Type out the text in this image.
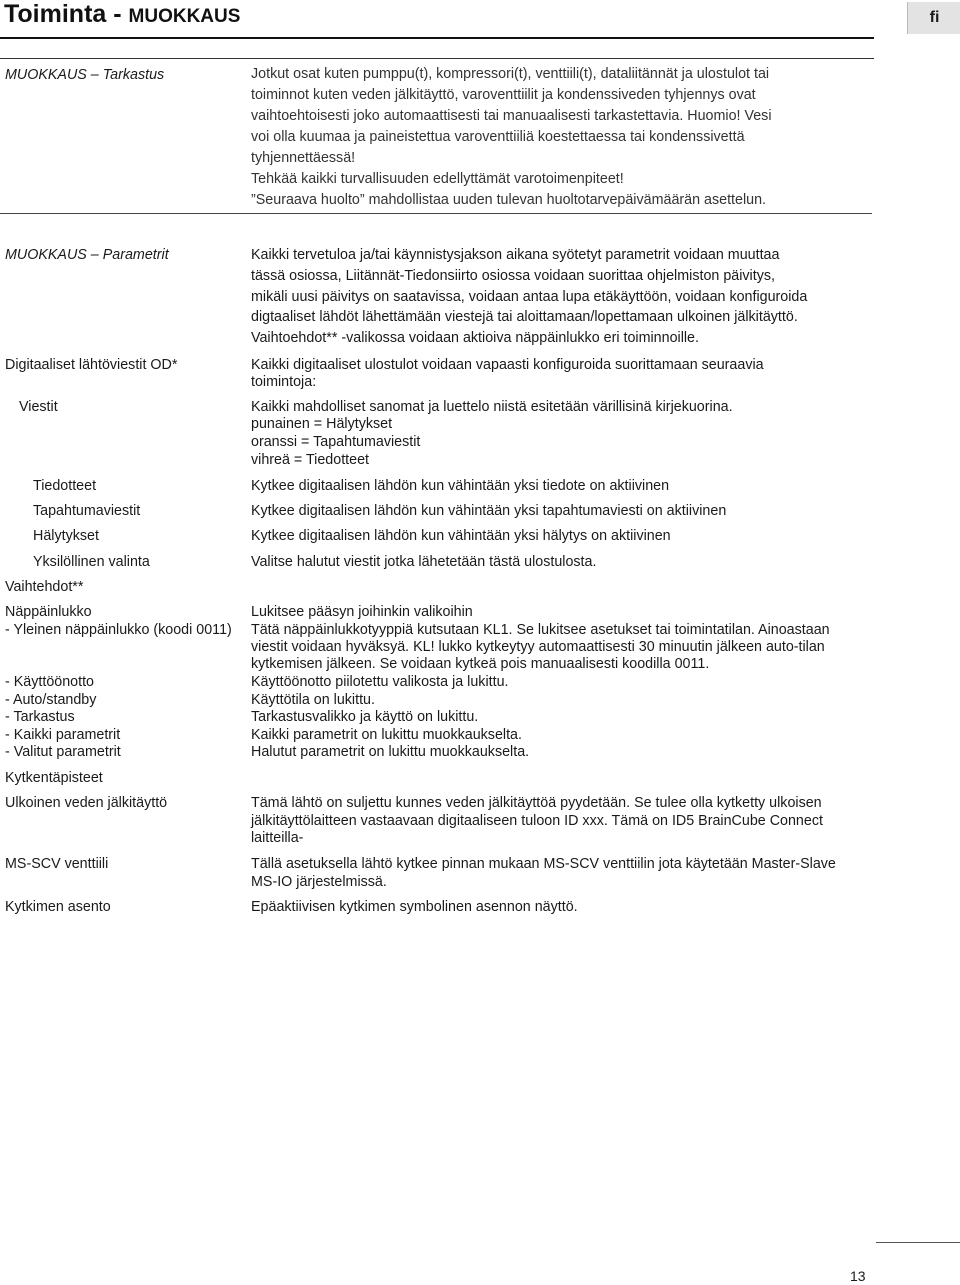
Toiminta - MUOKKAUS	fi
MUOKKAUS – Tarkastus	Jotkut osat kuten pumppu(t), kompressori(t), venttiili(t), dataliitännät ja ulostulot tai
toiminnot kuten veden jälkitäyttö, varoventtiilit ja kondenssiveden tyhjennys ovat
vaihtoehtoisesti joko automaattisesti tai manuaalisesti tarkastettavia. Huomio! Vesi
voi olla kuumaa ja paineistettua varoventtiiliä koestettaessa tai kondenssivettä
tyhjennettäessä!
Tehkää kaikki turvallisuuden edellyttämät varotoimenpiteet!
”Seuraava huolto” mahdollistaa uuden tulevan huoltotarvepäivämäärän asettelun.
MUOKKAUS – Parametrit	Kaikki tervetuloa ja/tai käynnistysjakson aikana syötetyt parametrit voidaan muuttaa
tässä osiossa, Liitännät-Tiedonsiirto osiossa voidaan suorittaa ohjelmiston päivitys,
mikäli uusi päivitys on saatavissa, voidaan antaa lupa etäkäyttöön, voidaan konfiguroida
digtaaliset lähdöt lähettämään viestejä tai aloittamaan/lopettamaan ulkoinen jälkitäyttö.
Vaihtoehdot** -valikossa voidaan aktioiva näppäinlukko eri toiminnoille.
Digitaaliset lähtöviestit OD*	Kaikki digitaaliset ulostulot voidaan vapaasti konfiguroida suorittamaan seuraavia
toimintoja:
Viestit	Kaikki mahdolliset sanomat ja luettelo niistä esitetään värillisinä kirjekuorina.
punainen = Hälytykset
oranssi = Tapahtumaviestit
vihreä = Tiedotteet
Tiedotteet	Kytkee digitaalisen lähdön kun vähintään yksi tiedote on aktiivinen
Tapahtumaviestit	Kytkee digitaalisen lähdön kun vähintään yksi tapahtumaviesti on aktiivinen
Hälytykset	Kytkee digitaalisen lähdön kun vähintään yksi hälytys on aktiivinen
Yksilöllinen valinta	Valitse halutut viestit jotka lähetetään tästä ulostulosta.
Vaihtehdot**
Näppäinlukko	Lukitsee pääsyn joihinkin valikoihin
- Yleinen näppäinlukko (koodi 0011) Tätä näppäinlukkotyyppiä kutsutaan KL1. Se lukitsee asetukset tai toimintatilan. Ainoastaan
viestit voidaan hyväksyä. KL! lukko kytkeytyy automaattisesti 30 minuutin jälkeen auto-tilan
kytkemisen jälkeen. Se voidaan kytkeä pois manuaalisesti koodilla 0011.
- Käyttöönotto	Käyttöönotto piilotettu valikosta ja lukittu.
- Auto/standby	Käyttötila on lukittu.
- Tarkastus	Tarkastusvalikko ja käyttö on lukittu.
- Kaikki parametrit	Kaikki parametrit on lukittu muokkaukselta.
- Valitut parametrit	Halutut parametrit on lukittu muokkaukselta.
Kytkentäpisteet
Ulkoinen veden jälkitäyttö	Tämä lähtö on suljettu kunnes veden jälkitäyttöä pyydetään. Se tulee olla kytketty ulkoisen
jälkitäyttölaitteen vastaavaan digitaaliseen tuloon ID xxx. Tämä on ID5 BrainCube Connect
laitteilla-
MS-SCV venttiili	Tällä asetuksella lähtö kytkee pinnan mukaan MS-SCV venttiilin jota käytetään Master-Slave
MS-IO järjestelmissä.
Kytkimen asento	Epäaktiivisen kytkimen symbolinen asennon näyttö.
13
